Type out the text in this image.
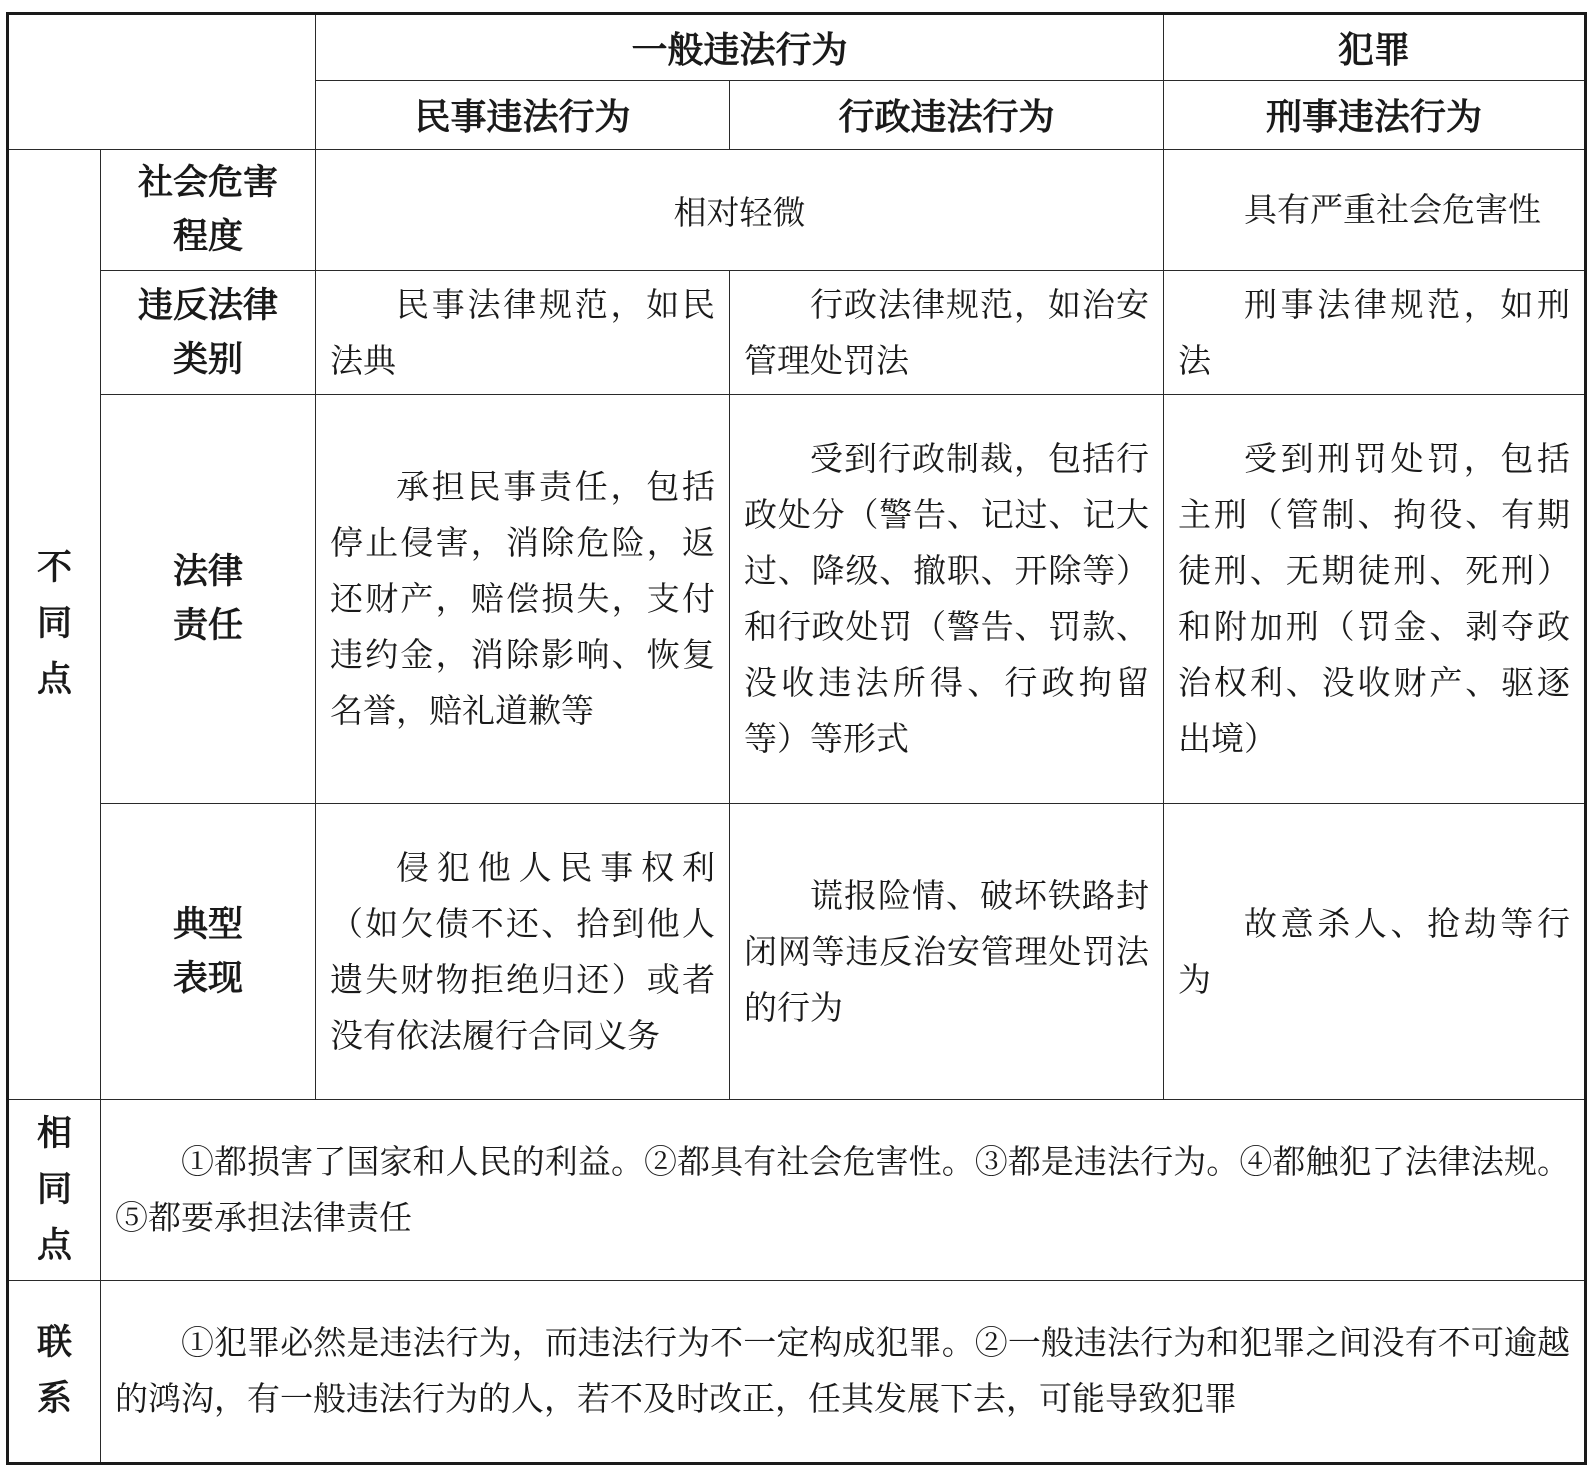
		一般违法行为		犯罪
		民事违法行为	行政违法行为	刑事违法行为

不
同
点	社会危害程度	相对轻微		具有严重社会危害性
	违反法律类别	民事法律规范，如民法典	行政法律规范，如治安管理处罚法	刑事法律规范，如刑法
	法律责任	承担民事责任，包括停止侵害，消除危险，返还财产，赔偿损失，支付违约金，消除影响、恢复名誉，赔礼道歉等	受到行政制裁，包括行政处分（警告、记过、记大过、降级、撤职、开除等）和行政处罚（警告、罚款、没收违法所得、行政拘留等）等形式	受到刑罚处罚，包括主刑（管制、拘役、有期徒刑、无期徒刑、死刑）和附加刑（罚金、剥夺政治权利、没收财产、驱逐出境）
	典型表现	侵犯他人民事权利（如欠债不还、拾到他人遗失财物拒绝归还）或者没有依法履行合同义务	谎报险情、破坏铁路封闭网等违反治安管理处罚法的行为	故意杀人、抢劫等行为

相
同
点	①都损害了国家和人民的利益。②都具有社会危害性。③都是违法行为。④都触犯了法律法规。⑤都要承担法律责任			

联
系	①犯罪必然是违法行为，而违法行为不一定构成犯罪。②一般违法行为和犯罪之间没有不可逾越的鸿沟，有一般违法行为的人，若不及时改正，任其发展下去，可能导致犯罪			
